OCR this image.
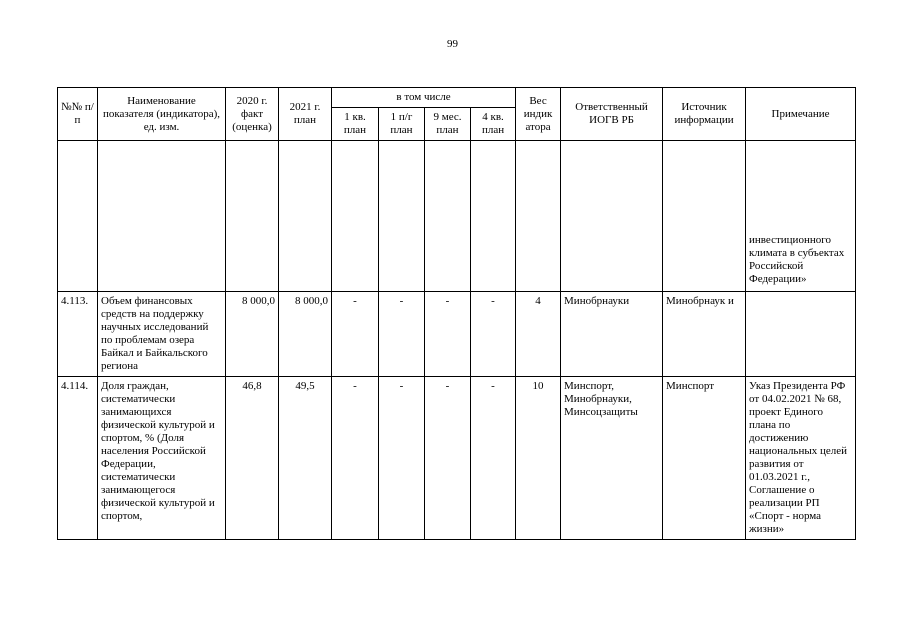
99
№№ п/п	Наименование показателя (индикатора), ед. изм.	2020 г. факт (оценка)	2021 г. план	в том числе				Вес индик атора	Ответственный ИОГВ РБ	Источник информации	Примечание
				1 кв. план	1 п/г план	9 мес. план	4 кв. план				
											инвестиционного климата в субъектах Российской Федерации»
4.113.	Объем финансовых средств на поддержку научных исследований по проблемам озера Байкал и Байкальского региона	8 000,0	8 000,0	-	-	-	-	4	Минобрнауки	Минобрнаук и	
4.114.	Доля граждан, систематически занимающихся физической культурой и спортом, % (Доля населения Российской Федерации, систематически занимающегося физической культурой и спортом,	46,8	49,5	-	-	-	-	10	Минспорт, Минобрнауки, Минсоцзащиты	Минспорт	Указ Президента РФ от 04.02.2021 № 68, проект Единого плана по достижению национальных целей развития от 01.03.2021 г., Соглашение о реализации РП «Спорт - норма жизни»
